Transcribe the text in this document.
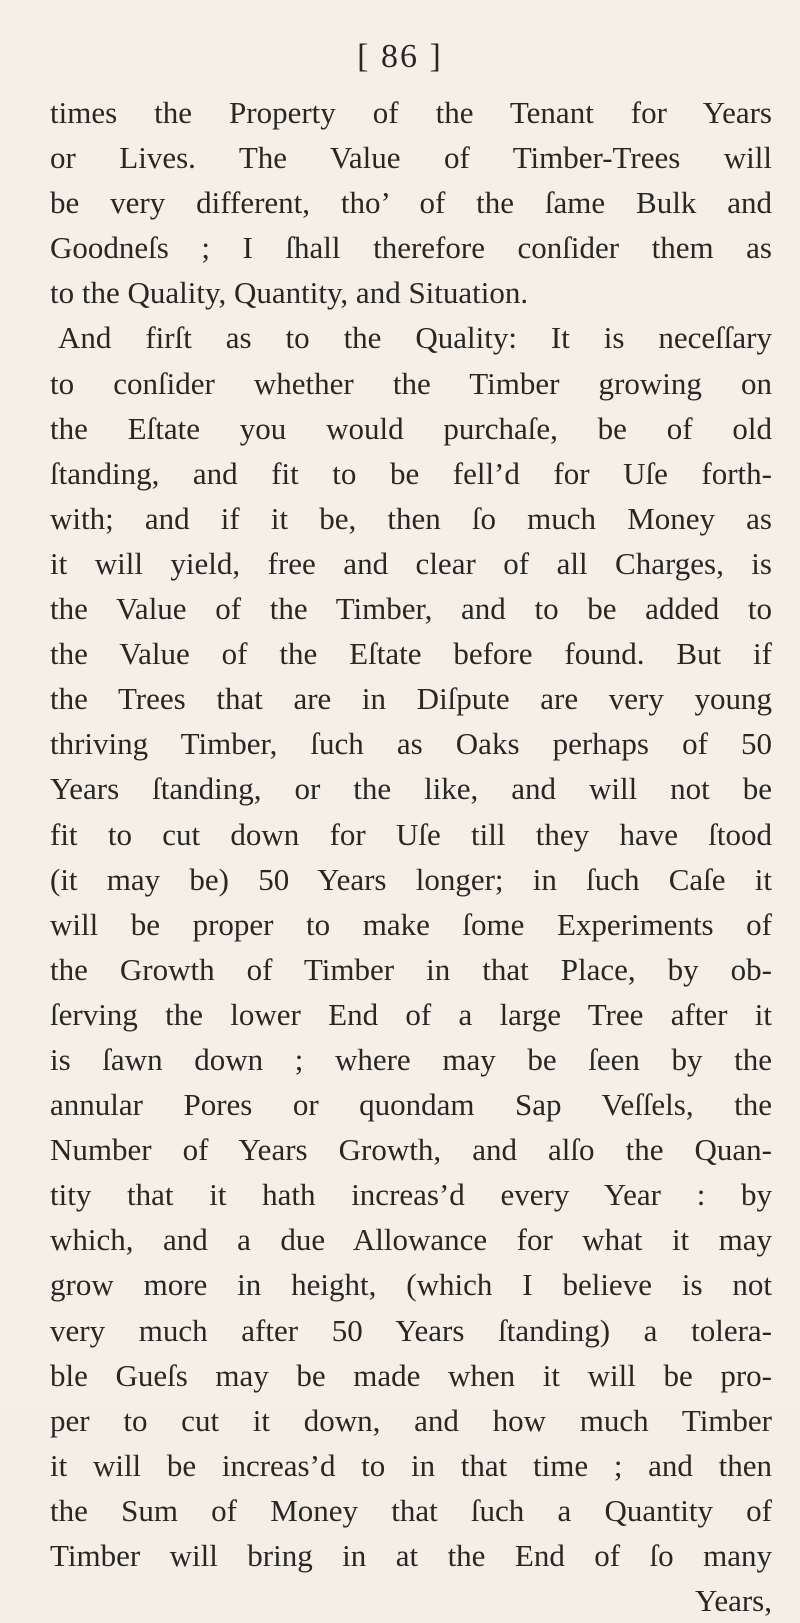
[ 86 ]
times the Property of the Tenant for Years
or Lives. The Value of Timber-Trees will
be very different, tho’ of the ſame Bulk and
Goodneſs ; I ſhall therefore conſider them as
to the Quality, Quantity, and Situation.
And firſt as to the Quality: It is neceſſary
to conſider whether the Timber growing on
the Eſtate you would purchaſe, be of old
ſtanding, and fit to be fell’d for Uſe forth-
with; and if it be, then ſo much Money as
it will yield, free and clear of all Charges, is
the Value of the Timber, and to be added to
the Value of the Eſtate before found. But if
the Trees that are in Diſpute are very young
thriving Timber, ſuch as Oaks perhaps of 50
Years ſtanding, or the like, and will not be
fit to cut down for Uſe till they have ſtood
(it may be) 50 Years longer; in ſuch Caſe it
will be proper to make ſome Experiments of
the Growth of Timber in that Place, by ob-
ſerving the lower End of a large Tree after it
is ſawn down ; where may be ſeen by the
annular Pores or quondam Sap Veſſels, the
Number of Years Growth, and alſo the Quan-
tity that it hath increas’d every Year : by
which, and a due Allowance for what it may
grow more in height, (which I believe is not
very much after 50 Years ſtanding) a tolera-
ble Gueſs may be made when it will be pro-
per to cut it down, and how much Timber
it will be increas’d to in that time ; and then
the Sum of Money that ſuch a Quantity of
Timber will bring in at the End of ſo many
Years,
